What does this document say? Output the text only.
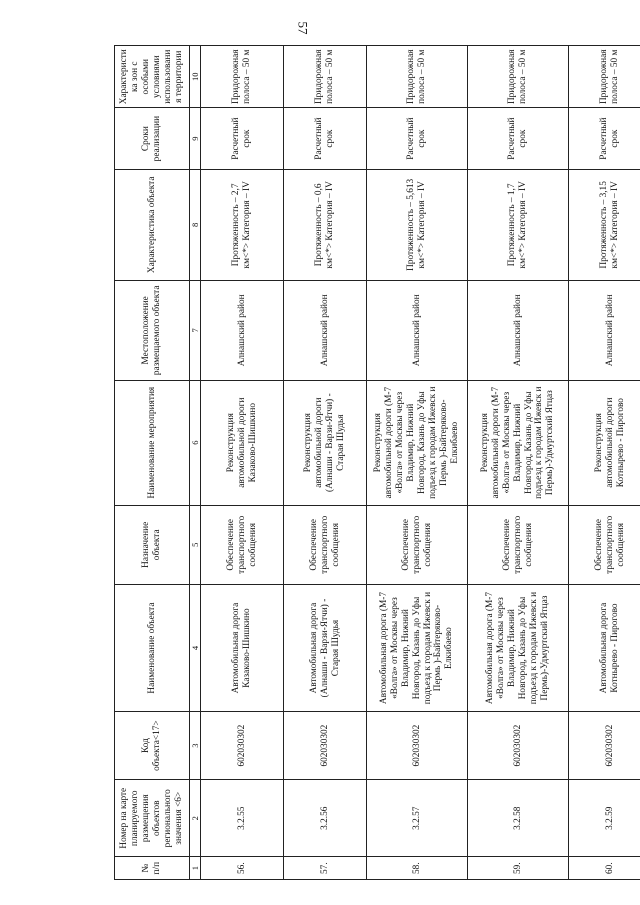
57
№ п/п	Номер на карте планируемого размещения объектов регионального значения <6>	Код объекта<17>	Наименование объекта	Назначение объекта	Наименование мероприятия	Местоположение размещаемого объекта	Характеристика объекта	Сроки реализации	Характеристика зон с особыми условиями использования территории
1	2	3	4	5	6	7	8	9	10
56.	3.2.55	602030302	Автомобильная дорога Казаково-Шишкино	Обеспечение транспортного сообщения	Реконструкция автомобильной дороги Казаково-Шишкино	Алнашский район	Протяженность – 2,7 км<*> Категория – IV	Расчетный срок	Придорожная полоса – 50 м
57.	3.2.56	602030302	Автомобильная дорога (Алнаши - Варзи-Ятчи) - Старая Шудья	Обеспечение транспортного сообщения	Реконструкция автомобильной дороги (Алнаши - Варзи-Ятчи) - Старая Шудья	Алнашский район	Протяженность – 0,6 км<*> Категория – IV	Расчетный срок	Придорожная полоса – 50 м
58.	3.2.57	602030302	Автомобильная дорога (М-7 «Волга» от Москвы через Владимир, Нижний Новгород, Казань до Уфы подъезд к городам Ижевск и Пермь )-Байтеряково-Елкибаево	Обеспечение транспортного сообщения	Реконструкция автомобильной дороги (М-7 «Волга» от Москвы через Владимир, Нижний Новгород, Казань до Уфы подъезд к городам Ижевск и Пермь )-Байтеряково-Елкибаево	Алнашский район	Протяженность – 5,613 км<*> Категория – IV	Расчетный срок	Придорожная полоса – 50 м
59.	3.2.58	602030302	Автомобильная дорога (М-7 «Волга» от Москвы через Владимир, Нижний Новгород, Казань до Уфы подъезд к городам Ижевск и Пермь)-Удмуртский Ятцаз	Обеспечение транспортного сообщения	Реконструкция автомобильной дороги (М-7 «Волга» от Москвы через Владимир, Нижний Новгород, Казань до Уфы подъезд к городам Ижевск и Пермь)-Удмуртский Ятцаз	Алнашский район	Протяженность – 1,7 км<*> Категория – IV	Расчетный срок	Придорожная полоса – 50 м
60.	3.2.59	602030302	Автомобильная дорога Котнырево - Пирогово	Обеспечение транспортного сообщения	Реконструкция автомобильной дороги Котнырево - Пирогово	Алнашский район	Протяженность – 3,15 км<*> Категория – IV	Расчетный срок	Придорожная полоса – 50 м
